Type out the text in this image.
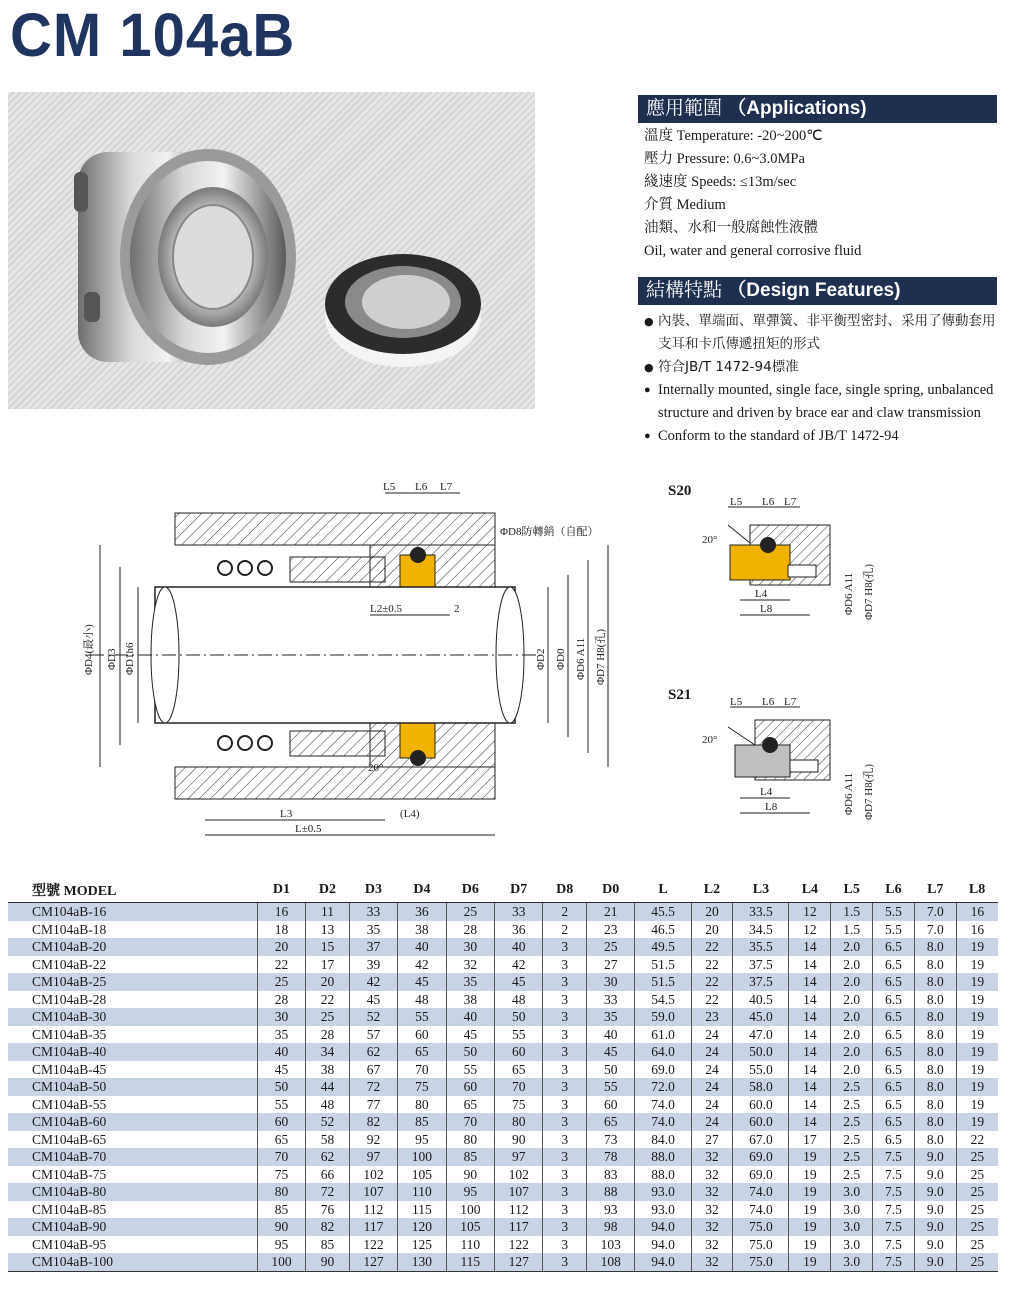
CM 104aB
應用範圍 （Applications)
溫度 Temperature: -20~200℃
壓力 Pressure: 0.6~3.0MPa
綫速度 Speeds: ≤13m/sec
介質 Medium
油類、水和一般腐蝕性液體
Oil, water and general corrosive fluid
結構特點 （Design Features)
● 內裝、單端面、單彈簧、非平衡型密封、采用了傳動套用支耳和卡爪傳遞扭矩的形式
● 符合JB/T 1472-94標准
● Internally mounted, single face, single spring, unbalanced structure and driven by brace ear and claw transmission
● Conform to the standard of JB/T 1472-94
L5 L6 L7
ΦD8防轉銷（自配）
L2±0.5	2
ΦD4(最小) ΦD3 ΦD1h6	ΦD2 ΦD0 ΦD6 A11 ΦD7 H8(孔)
20°
L3	(L4)
L±0.5
S20
L5 L6 L7
20°
L4
L8	ΦD6 A11 ΦD7 H8(孔)
S21	L5 L6 L7
20°
L4
L8	ΦD6 A11 ΦD7 H8(孔)
型號 MODEL	D1	D2	D3	D4	D6	D7	D8	D0	L	L2	L3	L4	L5	L6	L7	L8
CM104aB-16	16	11	33	36	25	33	2	21	45.5	20	33.5	12	1.5	5.5	7.0	16
CM104aB-18	18	13	35	38	28	36	2	23	46.5	20	34.5	12	1.5	5.5	7.0	16
CM104aB-20	20	15	37	40	30	40	3	25	49.5	22	35.5	14	2.0	6.5	8.0	19
CM104aB-22	22	17	39	42	32	42	3	27	51.5	22	37.5	14	2.0	6.5	8.0	19
CM104aB-25	25	20	42	45	35	45	3	30	51.5	22	37.5	14	2.0	6.5	8.0	19
CM104aB-28	28	22	45	48	38	48	3	33	54.5	22	40.5	14	2.0	6.5	8.0	19
CM104aB-30	30	25	52	55	40	50	3	35	59.0	23	45.0	14	2.0	6.5	8.0	19
CM104aB-35	35	28	57	60	45	55	3	40	61.0	24	47.0	14	2.0	6.5	8.0	19
CM104aB-40	40	34	62	65	50	60	3	45	64.0	24	50.0	14	2.0	6.5	8.0	19
CM104aB-45	45	38	67	70	55	65	3	50	69.0	24	55.0	14	2.0	6.5	8.0	19
CM104aB-50	50	44	72	75	60	70	3	55	72.0	24	58.0	14	2.5	6.5	8.0	19
CM104aB-55	55	48	77	80	65	75	3	60	74.0	24	60.0	14	2.5	6.5	8.0	19
CM104aB-60	60	52	82	85	70	80	3	65	74.0	24	60.0	14	2.5	6.5	8.0	19
CM104aB-65	65	58	92	95	80	90	3	73	84.0	27	67.0	17	2.5	6.5	8.0	22
CM104aB-70	70	62	97	100	85	97	3	78	88.0	32	69.0	19	2.5	7.5	9.0	25
CM104aB-75	75	66	102	105	90	102	3	83	88.0	32	69.0	19	2.5	7.5	9.0	25
CM104aB-80	80	72	107	110	95	107	3	88	93.0	32	74.0	19	3.0	7.5	9.0	25
CM104aB-85	85	76	112	115	100	112	3	93	93.0	32	74.0	19	3.0	7.5	9.0	25
CM104aB-90	90	82	117	120	105	117	3	98	94.0	32	75.0	19	3.0	7.5	9.0	25
CM104aB-95	95	85	122	125	110	122	3	103	94.0	32	75.0	19	3.0	7.5	9.0	25
CM104aB-100	100	90	127	130	115	127	3	108	94.0	32	75.0	19	3.0	7.5	9.0	25
